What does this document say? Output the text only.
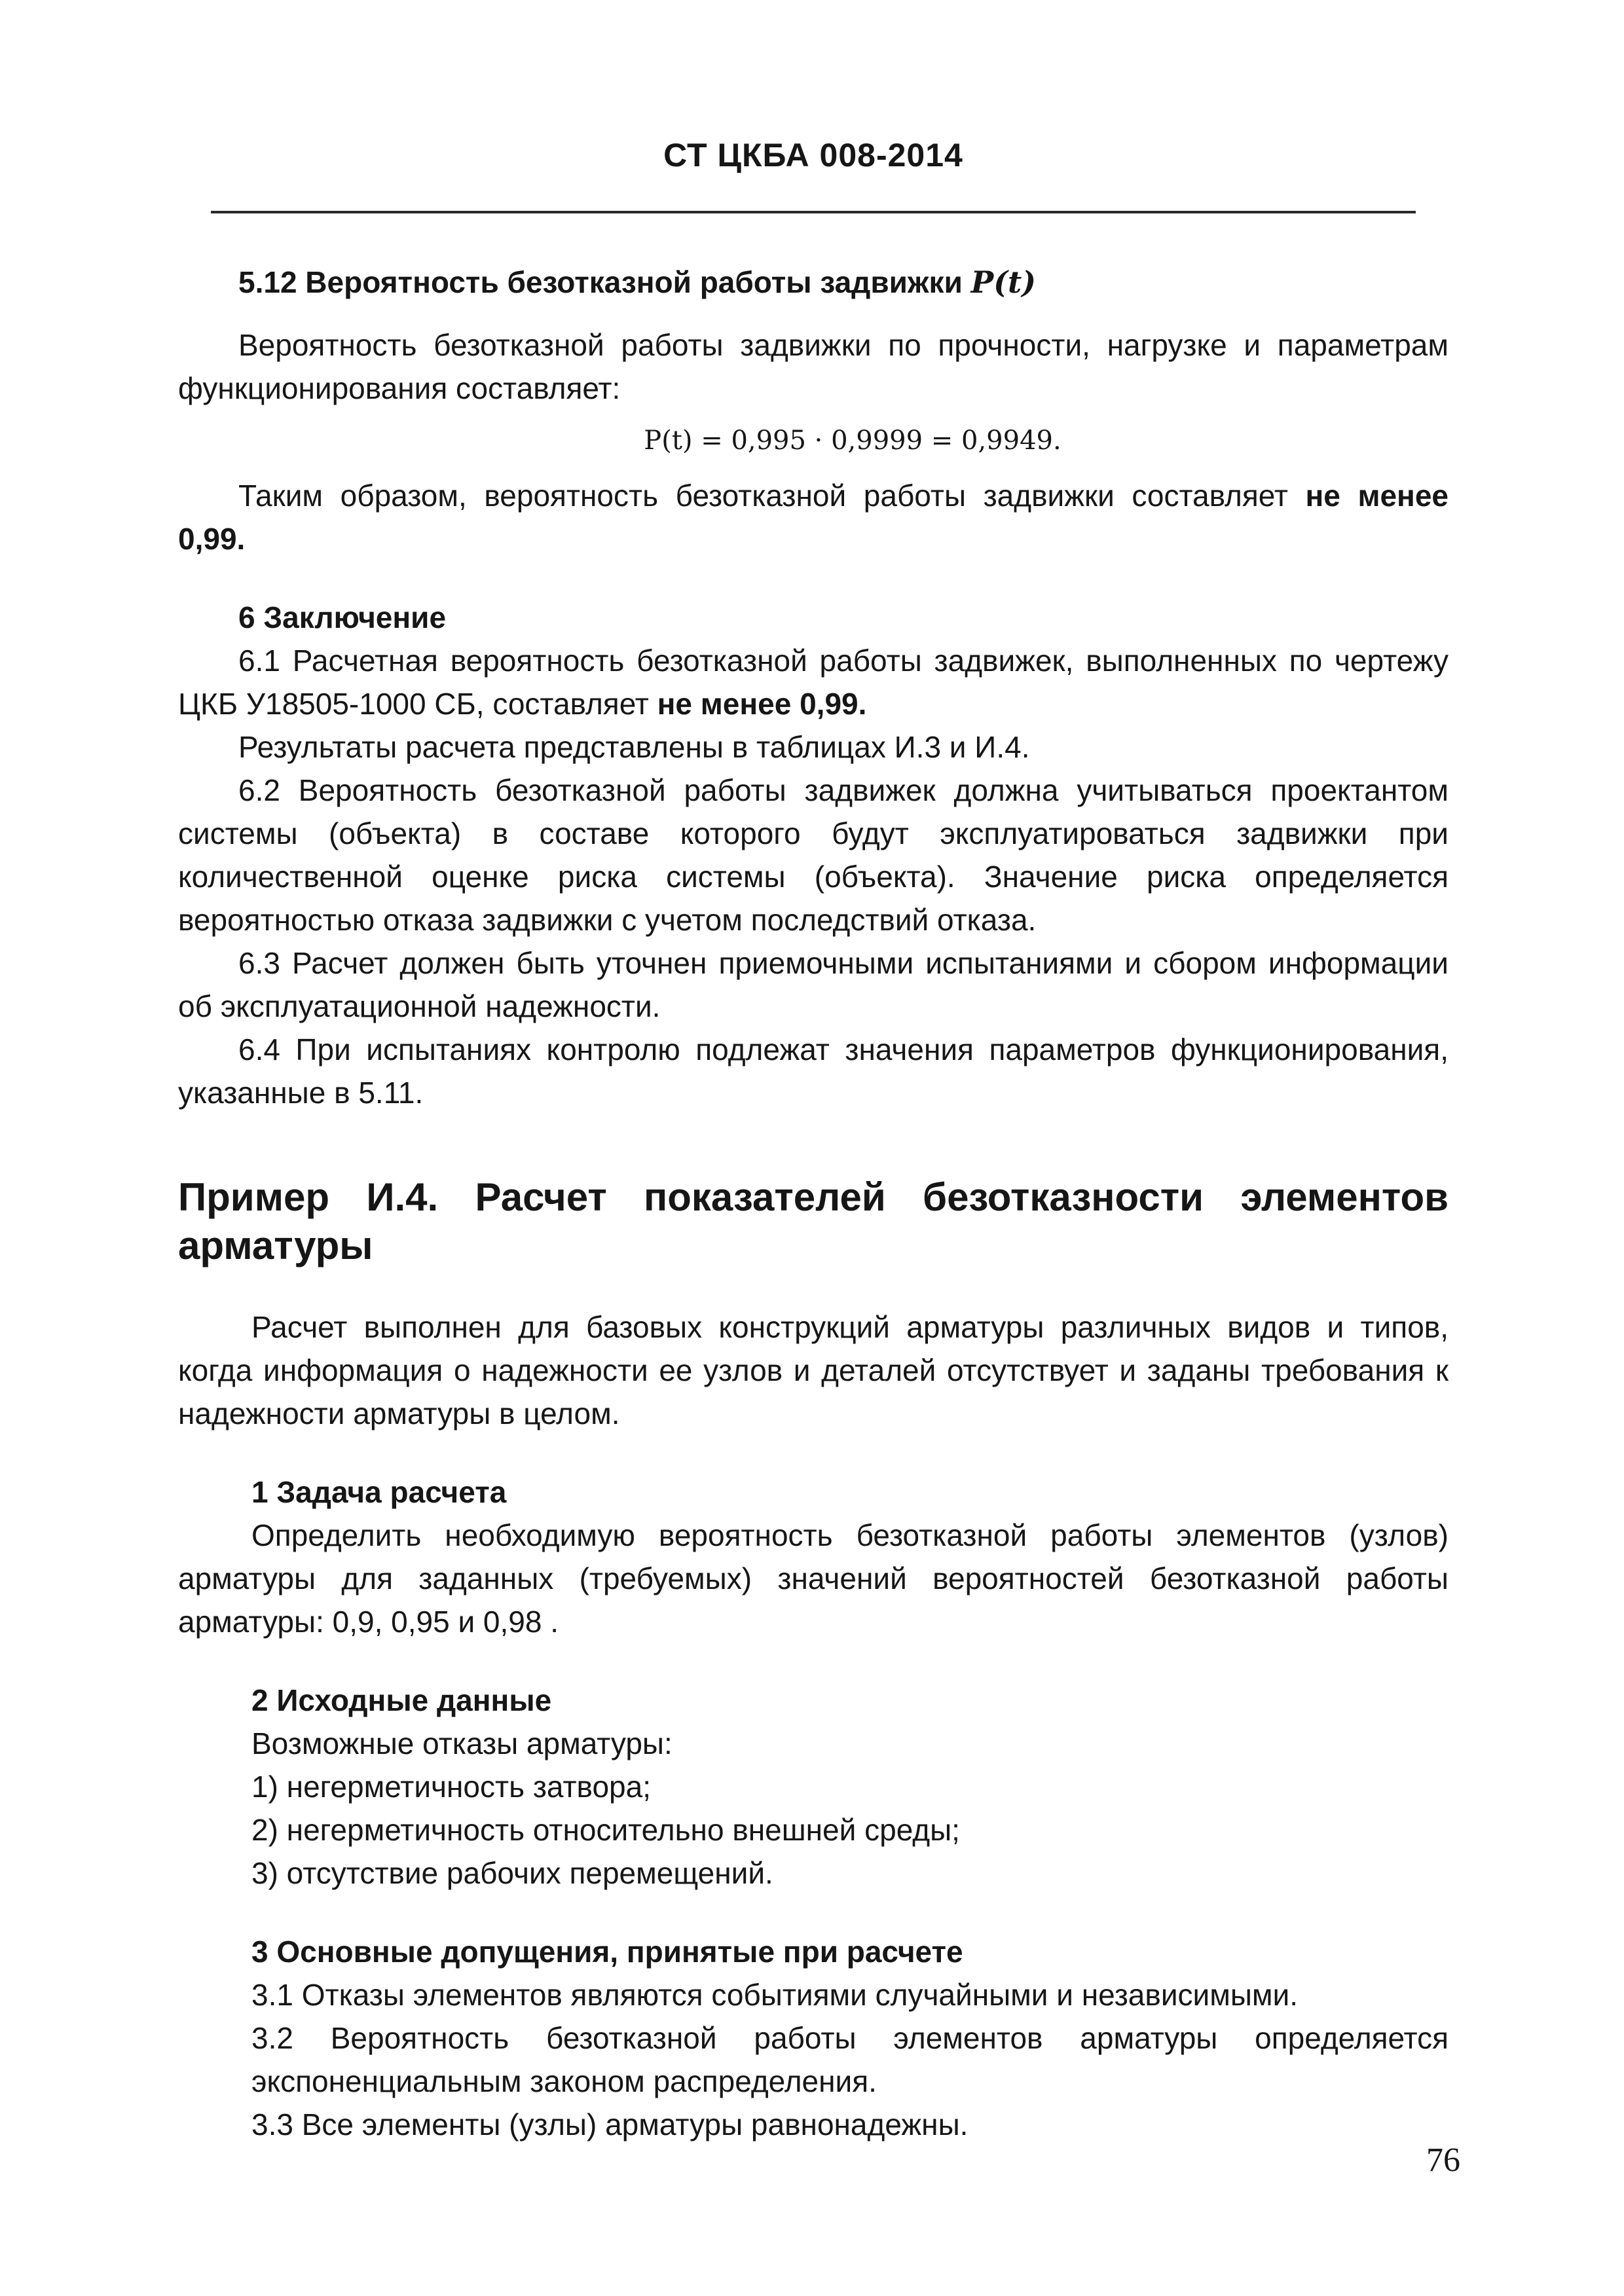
СТ ЦКБА 008-2014

5.12 Вероятность безотказной работы задвижки P(t)

Вероятность безотказной работы задвижки по прочности, нагрузке и параметрам функционирования составляет:

P(t) = 0,995 · 0,9999 = 0,9949.

Таким образом, вероятность безотказной работы задвижки составляет не менее 0,99.

6 Заключение

6.1 Расчетная вероятность безотказной работы задвижек, выполненных по чертежу ЦКБ У18505-1000 СБ, составляет не менее 0,99.

Результаты расчета представлены в таблицах И.3 и И.4.

6.2 Вероятность безотказной работы задвижек должна учитываться проектантом системы (объекта) в составе которого будут эксплуатироваться задвижки при количественной оценке риска системы (объекта). Значение риска определяется вероятностью отказа задвижки с учетом последствий отказа.

6.3 Расчет должен быть уточнен приемочными испытаниями и сбором информации об эксплуатационной надежности.

6.4 При испытаниях контролю подлежат значения параметров функционирования, указанные в 5.11.

Пример И.4. Расчет показателей безотказности элементов арматуры

Расчет выполнен для базовых конструкций арматуры различных видов и типов, когда информация о надежности ее узлов и деталей отсутствует и заданы требования к надежности арматуры в целом.

1 Задача расчета

Определить необходимую вероятность безотказной работы элементов (узлов) арматуры для заданных (требуемых) значений вероятностей безотказной работы арматуры: 0,9, 0,95 и 0,98 .

2 Исходные данные

Возможные отказы арматуры:

1) негерметичность затвора;

2) негерметичность относительно внешней среды;

3) отсутствие рабочих перемещений.

3 Основные допущения, принятые при расчете

3.1 Отказы элементов являются событиями случайными и независимыми.

3.2 Вероятность безотказной работы элементов арматуры определяется экспоненциальным законом распределения.

3.3 Все элементы (узлы) арматуры равнонадежны.

76
